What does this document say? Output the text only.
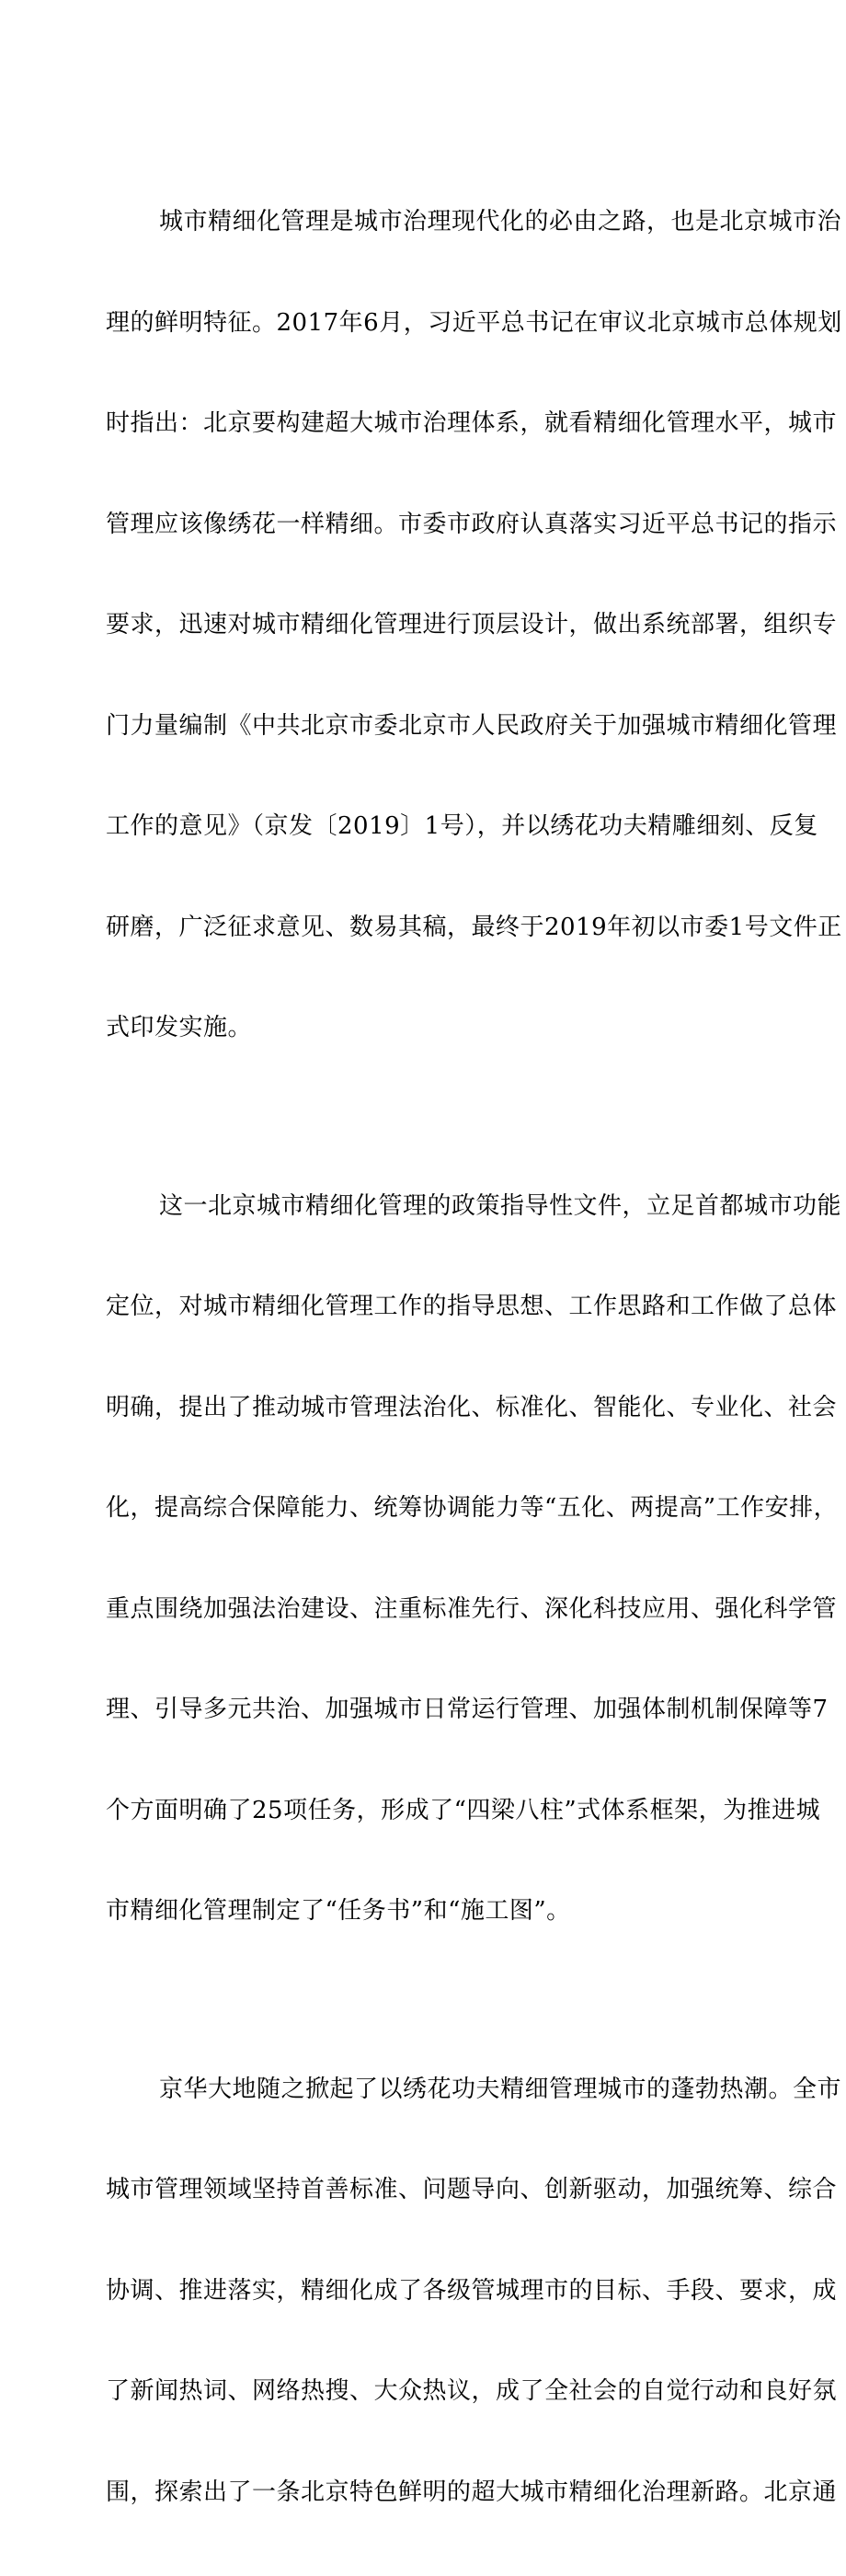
城市精细化管理是城市治理现代化的必由之路，也是北京城市治

理的鲜明特征。2017年6月，习近平总书记在审议北京城市总体规划

时指出：北京要构建超大城市治理体系，就看精细化管理水平，城市

管理应该像绣花一样精细。市委市政府认真落实习近平总书记的指示

要求，迅速对城市精细化管理进行顶层设计，做出系统部署，组织专

门力量编制《中共北京市委北京市人民政府关于加强城市精细化管理

工作的意见》（京发〔2019〕1号），并以绣花功夫精雕细刻、反复

研磨，广泛征求意见、数易其稿，最终于2019年初以市委1号文件正

式印发实施。

这一北京城市精细化管理的政策指导性文件，立足首都城市功能

定位，对城市精细化管理工作的指导思想、工作思路和工作做了总体

明确，提出了推动城市管理法治化、标准化、智能化、专业化、社会

化，提高综合保障能力、统筹协调能力等“五化、两提高”工作安排，

重点围绕加强法治建设、注重标准先行、深化科技应用、强化科学管

理、引导多元共治、加强城市日常运行管理、加强体制机制保障等7

个方面明确了25项任务，形成了“四梁八柱”式体系框架，为推进城

市精细化管理制定了“任务书”和“施工图”。

京华大地随之掀起了以绣花功夫精细管理城市的蓬勃热潮。全市

城市管理领域坚持首善标准、问题导向、创新驱动，加强统筹、综合

协调、推进落实，精细化成了各级管城理市的目标、手段、要求，成

了新闻热词、网络热搜、大众热议，成了全社会的自觉行动和良好氛

围，探索出了一条北京特色鲜明的超大城市精细化治理新路。北京通
